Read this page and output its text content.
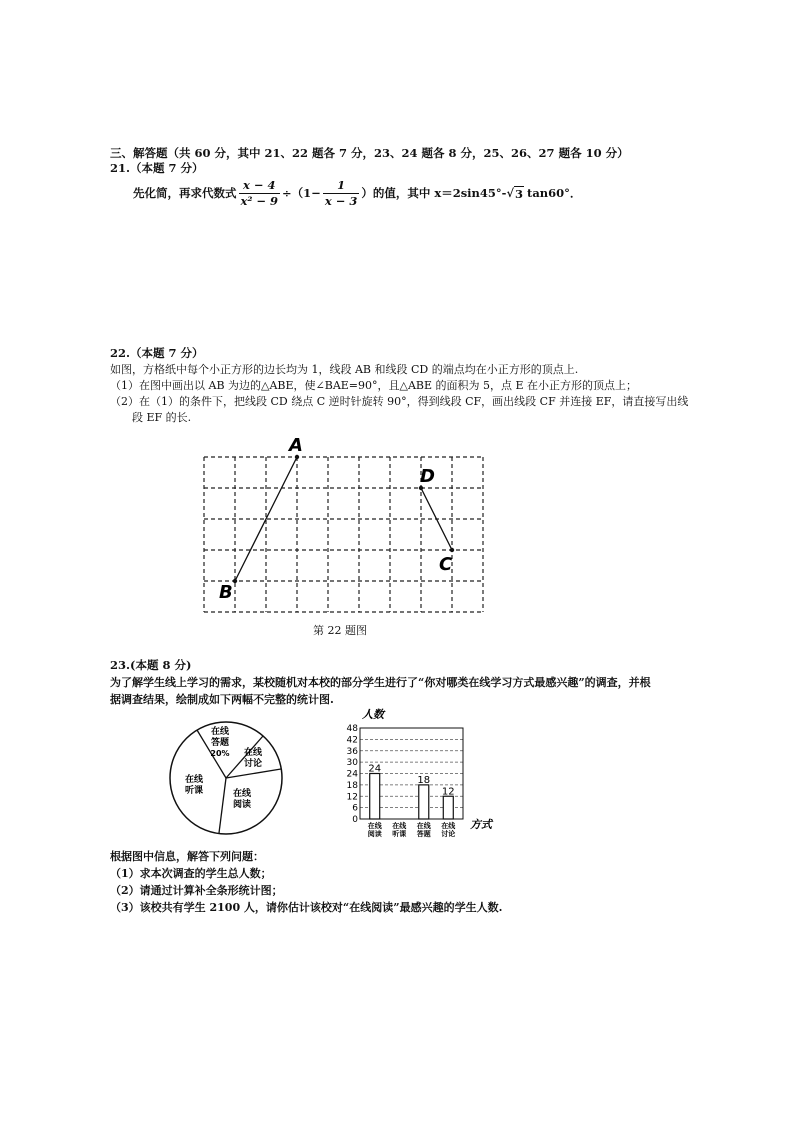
三、解答题（共 60 分，其中 21、22 题各 7 分，23、24 题各 8 分，25、26、27 题各 10 分）
21.（本题 7 分）
先化简，再求代数式 $\frac{x - 4}{\text{x² − 9}} \div(1- \frac{1}{x - 3}$ ）的值，其中 x＝2sin45°- √ 3 tan60°．
22.（本题 7 分）
如图，方格纸中每个小正方形的边长均为 1，线段 AB 和线段 CD 的端点均在小正方形的顶点上.
（1）在图中画出以 AB 为边的△ABE，使∠BAE=90°，且△ABE 的面积为 5，点 E 在小正方形的顶点上；
（2）在（1）的条件下，把线段 CD 绕点 C 逆时针旋转 90°，得到线段 CF，画出线段 CF 并连接 EF，请直接写出线
段 EF 的长.
A
B
C
D
第 22 题图
23.(本题 8 分)
为了解学生线上学习的需求，某校随机对本校的部分学生进行了“你对哪类在线学习方式最感兴趣”的调查，并根
据调查结果，绘制成如下两幅不完整的统计图.
在线
答题
20% 在线
讨论
在线
阅读
在线
听课
人数
方式
24
18
12
0
6
12
18
24
30
36
42
48
在线
阅读
在线
听课
在线
答题
在线
讨论
根据图中信息，解答下列问题：
（1）求本次调查的学生总人数；
（2）请通过计算补全条形统计图；
（3）该校共有学生 2100 人，请你估计该校对“在线阅读”最感兴趣的学生人数.
